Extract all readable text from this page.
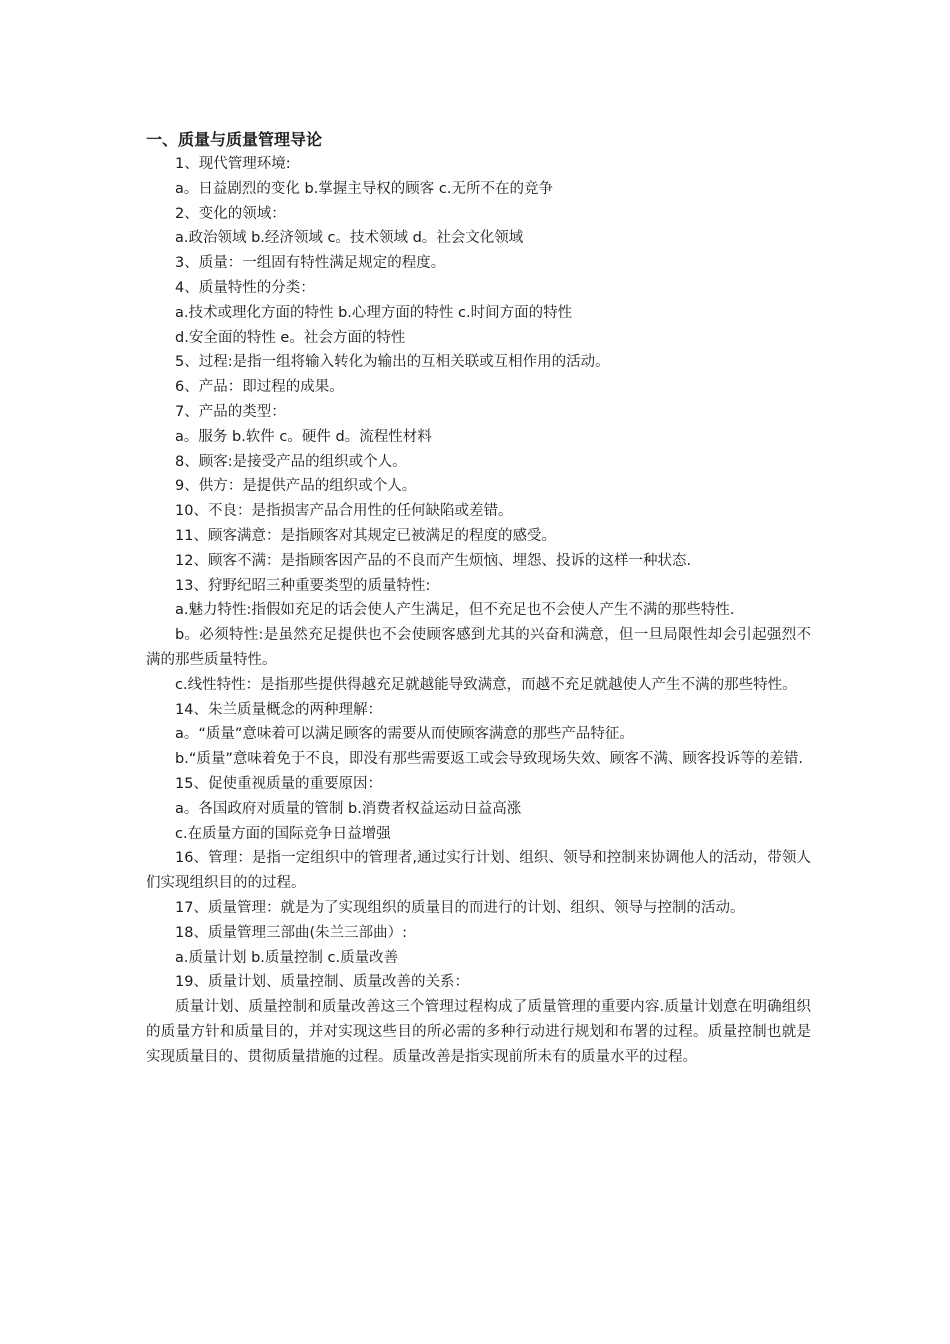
一、质量与质量管理导论

1、现代管理环境:

a。日益剧烈的变化 b.掌握主导权的顾客 c.无所不在的竞争

2、变化的领域：

a.政治领域 b.经济领域 c。技术领域 d。社会文化领域

3、质量：一组固有特性满足规定的程度。

4、质量特性的分类：

a.技术或理化方面的特性 b.心理方面的特性 c.时间方面的特性

d.安全面的特性 e。社会方面的特性

5、过程:是指一组将输入转化为输出的互相关联或互相作用的活动。

6、产品：即过程的成果。

7、产品的类型：

a。服务 b.软件 c。硬件 d。流程性材料

8、顾客:是接受产品的组织或个人。

9、供方：是提供产品的组织或个人。

10、不良：是指损害产品合用性的任何缺陷或差错。

11、顾客满意：是指顾客对其规定已被满足的程度的感受。

12、顾客不满：是指顾客因产品的不良而产生烦恼、埋怨、投诉的这样一种状态.

13、狩野纪昭三种重要类型的质量特性:

a.魅力特性:指假如充足的话会使人产生满足，但不充足也不会使人产生不满的那些特性.

b。必须特性:是虽然充足提供也不会使顾客感到尤其的兴奋和满意，但一旦局限性却会引起强烈不满的那些质量特性。

c.线性特性：是指那些提供得越充足就越能导致满意，而越不充足就越使人产生不满的那些特性。

14、朱兰质量概念的两种理解：

a。“质量”意味着可以满足顾客的需要从而使顾客满意的那些产品特征。

b.“质量”意味着免于不良，即没有那些需要返工或会导致现场失效、顾客不满、顾客投诉等的差错.

15、促使重视质量的重要原因：

a。各国政府对质量的管制 b.消费者权益运动日益高涨

c.在质量方面的国际竞争日益增强

16、管理：是指一定组织中的管理者,通过实行计划、组织、领导和控制来协调他人的活动，带领人们实现组织目的的过程。

17、质量管理：就是为了实现组织的质量目的而进行的计划、组织、领导与控制的活动。

18、质量管理三部曲(朱兰三部曲）:

a.质量计划 b.质量控制 c.质量改善

19、质量计划、质量控制、质量改善的关系：

质量计划、质量控制和质量改善这三个管理过程构成了质量管理的重要内容.质量计划意在明确组织的质量方针和质量目的，并对实现这些目的所必需的多种行动进行规划和布署的过程。质量控制也就是实现质量目的、贯彻质量措施的过程。质量改善是指实现前所未有的质量水平的过程。
